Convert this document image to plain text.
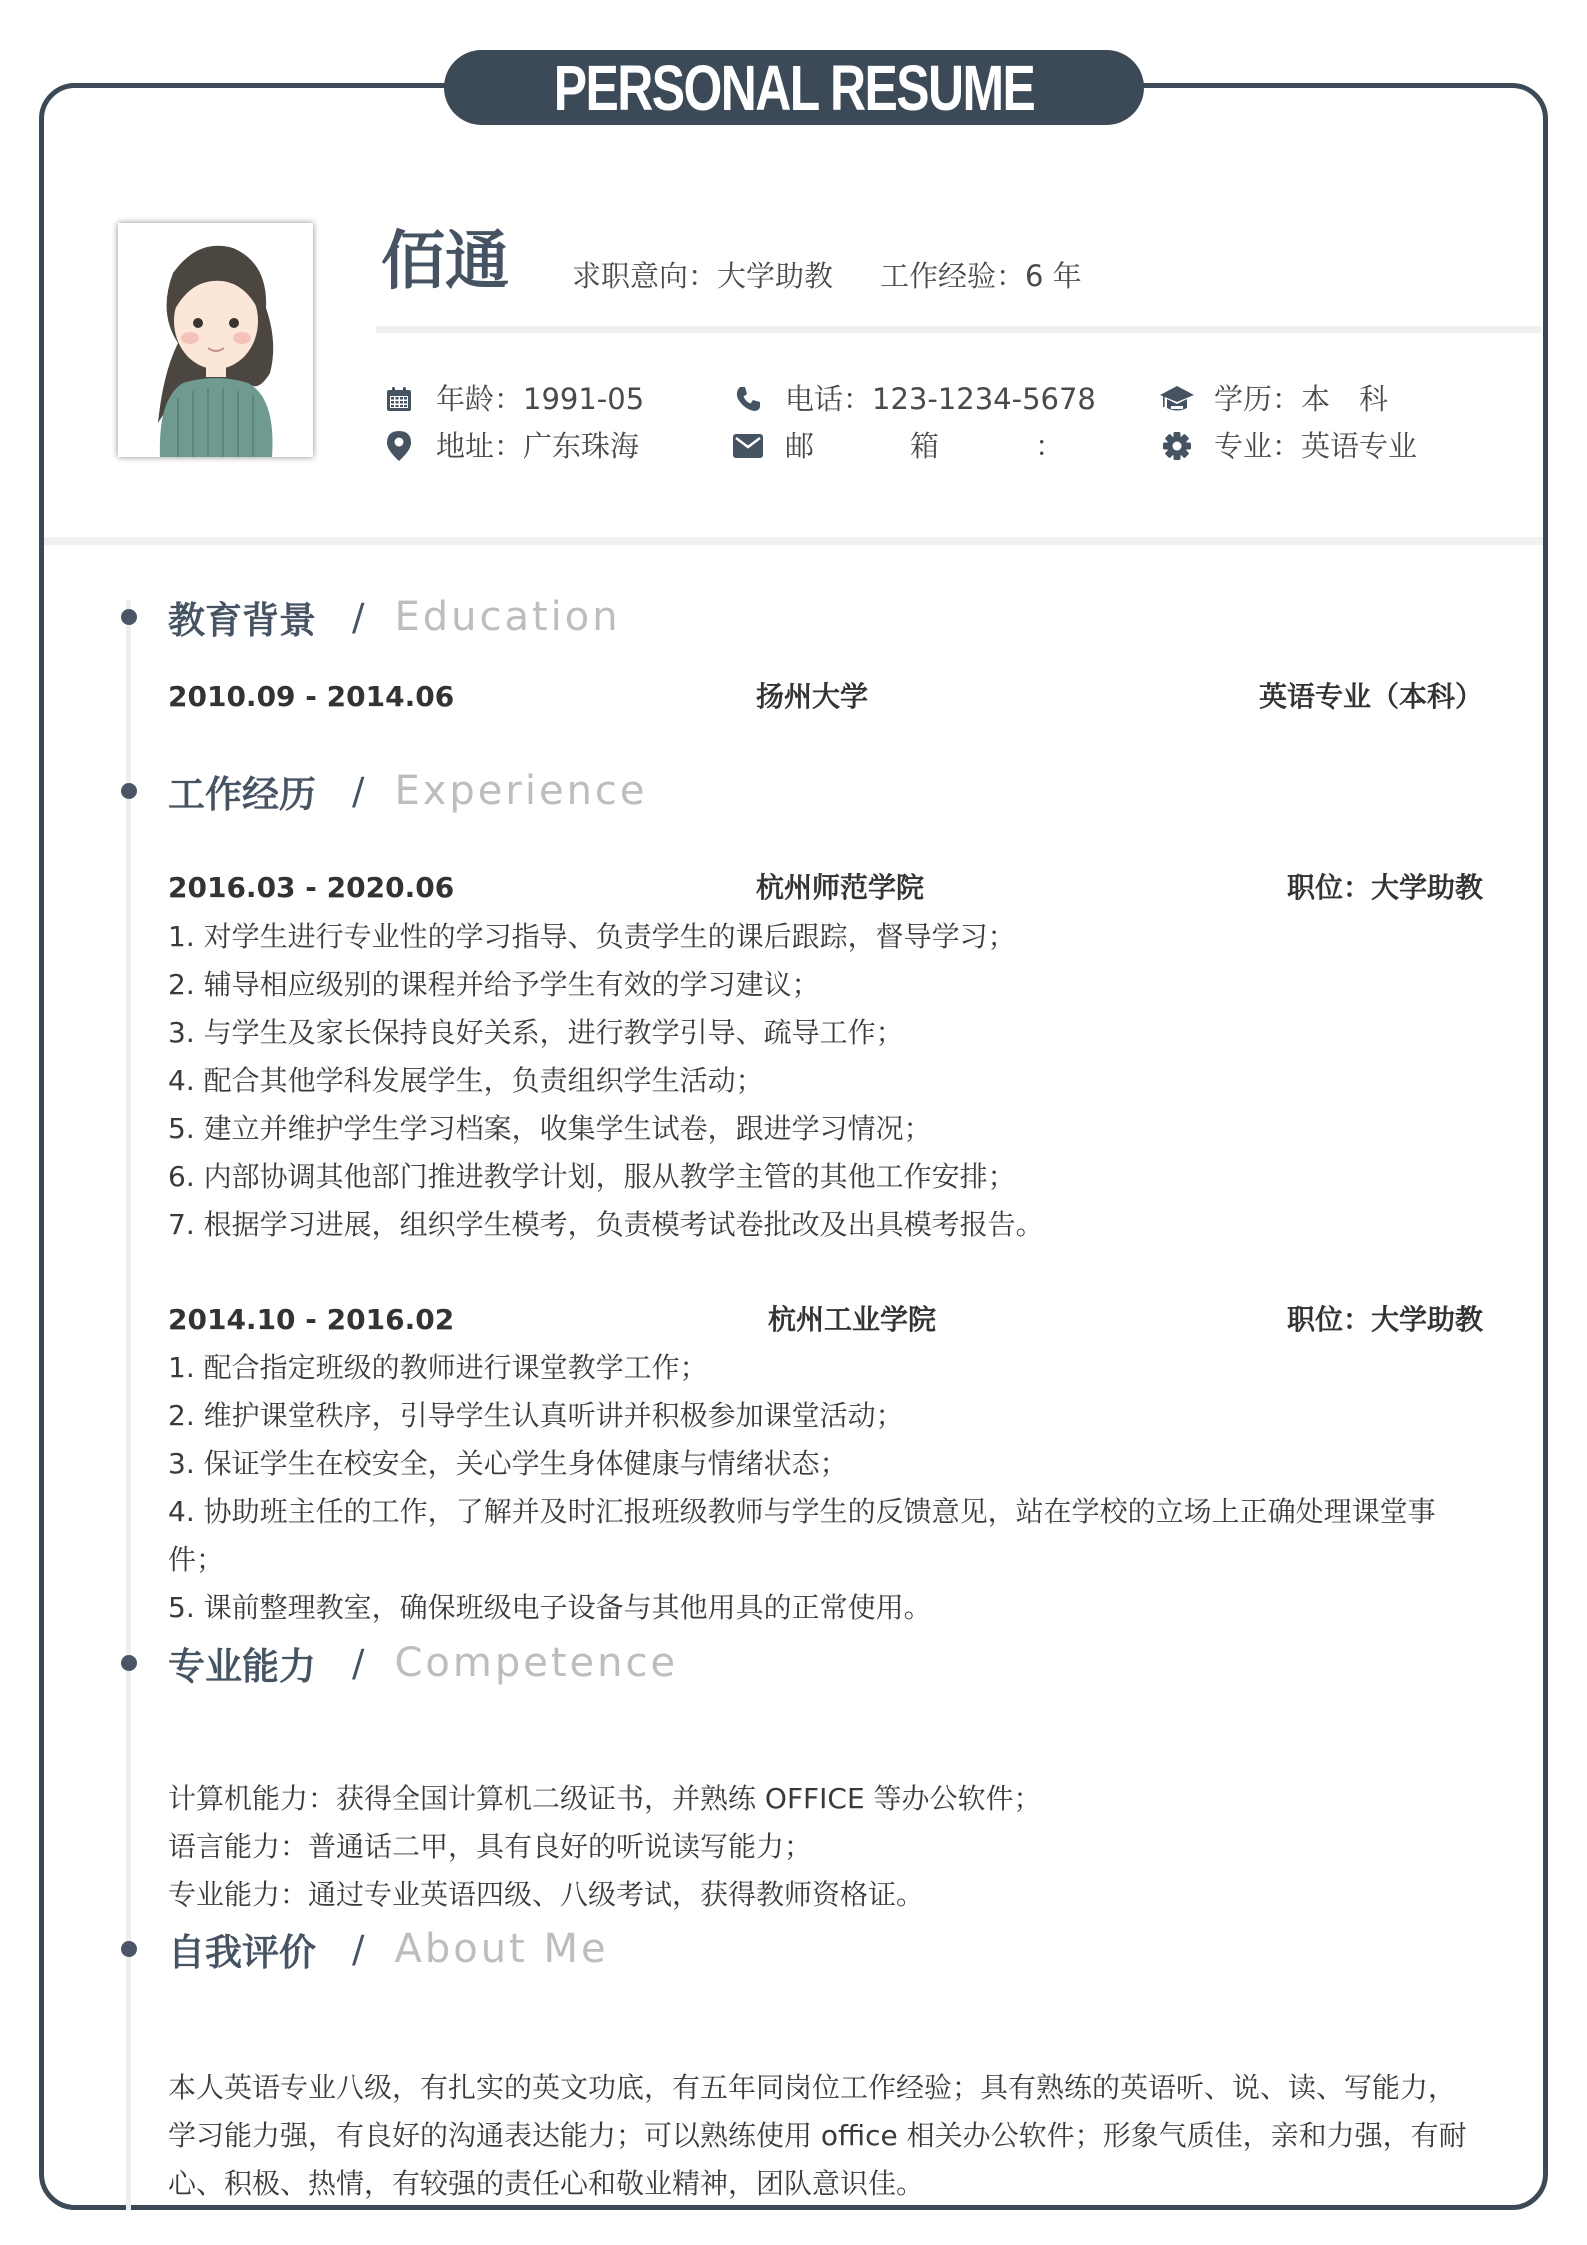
PERSONAL RESUME
佰通 求职意向：大学助教 工作经验：6 年
年龄：1991-05	电话：123-1234-5678	学历：本　科
地址：广东珠海	邮	箱	：	专业：英语专业
教育背景 / Education
2010.09 - 2014.06	扬州大学	英语专业（本科）
工作经历 / Experience
2016.03 - 2020.06	杭州师范学院	职位：大学助教
1. 对学生进行专业性的学习指导、负责学生的课后跟踪，督导学习；
2. 辅导相应级别的课程并给予学生有效的学习建议；
3. 与学生及家长保持良好关系，进行教学引导、疏导工作；
4. 配合其他学科发展学生，负责组织学生活动；
5. 建立并维护学生学习档案，收集学生试卷，跟进学习情况；
6. 内部协调其他部门推进教学计划，服从教学主管的其他工作安排；
7. 根据学习进展，组织学生模考，负责模考试卷批改及出具模考报告。
2014.10 - 2016.02	杭州工业学院	职位：大学助教
1. 配合指定班级的教师进行课堂教学工作；
2. 维护课堂秩序，引导学生认真听讲并积极参加课堂活动；
3. 保证学生在校安全，关心学生身体健康与情绪状态；
4. 协助班主任的工作，了解并及时汇报班级教师与学生的反馈意见，站在学校的立场上正确处理课堂事件；
5. 课前整理教室，确保班级电子设备与其他用具的正常使用。
专业能力 / Competence
计算机能力：获得全国计算机二级证书，并熟练 OFFICE 等办公软件；
语言能力：普通话二甲，具有良好的听说读写能力；
专业能力：通过专业英语四级、八级考试，获得教师资格证。
自我评价 / About Me
本人英语专业八级，有扎实的英文功底，有五年同岗位工作经验；具有熟练的英语听、说、读、写能力，学习能力强，有良好的沟通表达能力；可以熟练使用 office 相关办公软件；形象气质佳，亲和力强，有耐心、积极、热情，有较强的责任心和敬业精神，团队意识佳。
